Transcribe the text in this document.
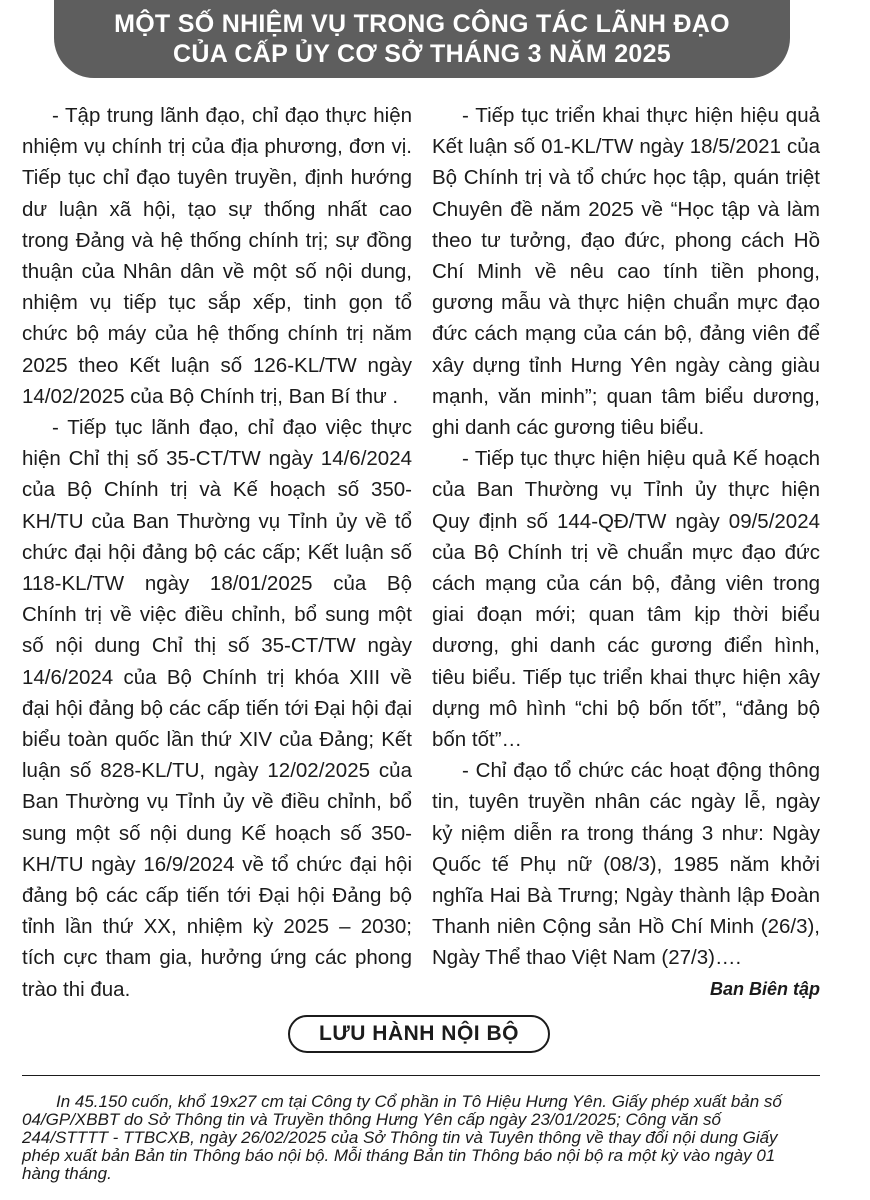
MỘT SỐ NHIỆM VỤ TRONG CÔNG TÁC LÃNH ĐẠO
CỦA CẤP ỦY CƠ SỞ THÁNG 3 NĂM 2025

- Tập trung lãnh đạo, chỉ đạo thực hiện nhiệm vụ chính trị của địa phương, đơn vị. Tiếp tục chỉ đạo tuyên truyền, định hướng dư luận xã hội, tạo sự thống nhất cao trong Đảng và hệ thống chính trị; sự đồng thuận của Nhân dân về một số nội dung, nhiệm vụ tiếp tục sắp xếp, tinh gọn tổ chức bộ máy của hệ thống chính trị năm 2025 theo Kết luận số 126-KL/TW ngày 14/02/2025 của Bộ Chính trị, Ban Bí thư .

- Tiếp tục lãnh đạo, chỉ đạo việc thực hiện Chỉ thị số 35-CT/TW ngày 14/6/2024 của Bộ Chính trị và Kế hoạch số 350-KH/TU của Ban Thường vụ Tỉnh ủy về tổ chức đại hội đảng bộ các cấp; Kết luận số 118-KL/TW ngày 18/01/2025 của Bộ Chính trị về việc điều chỉnh, bổ sung một số nội dung Chỉ thị số 35-CT/TW ngày 14/6/2024 của Bộ Chính trị khóa XIII về đại hội đảng bộ các cấp tiến tới Đại hội đại biểu toàn quốc lần thứ XIV của Đảng; Kết luận số 828-KL/TU, ngày 12/02/2025 của Ban Thường vụ Tỉnh ủy về điều chỉnh, bổ sung một số nội dung Kế hoạch số 350-KH/TU ngày 16/9/2024 về tổ chức đại hội đảng bộ các cấp tiến tới Đại hội Đảng bộ tỉnh lần thứ XX, nhiệm kỳ 2025 – 2030; tích cực tham gia, hưởng ứng các phong trào thi đua.

- Tiếp tục triển khai thực hiện hiệu quả Kết luận số 01-KL/TW ngày 18/5/2021 của Bộ Chính trị và tổ chức học tập, quán triệt Chuyên đề năm 2025 về “Học tập và làm theo tư tưởng, đạo đức, phong cách Hồ Chí Minh về nêu cao tính tiền phong, gương mẫu và thực hiện chuẩn mực đạo đức cách mạng của cán bộ, đảng viên để xây dựng tỉnh Hưng Yên ngày càng giàu mạnh, văn minh”; quan tâm biểu dương, ghi danh các gương tiêu biểu.

- Tiếp tục thực hiện hiệu quả Kế hoạch của Ban Thường vụ Tỉnh ủy thực hiện Quy định số 144-QĐ/TW ngày 09/5/2024 của Bộ Chính trị về chuẩn mực đạo đức cách mạng của cán bộ, đảng viên trong giai đoạn mới; quan tâm kịp thời biểu dương, ghi danh các gương điển hình, tiêu biểu. Tiếp tục triển khai thực hiện xây dựng mô hình “chi bộ bốn tốt”, “đảng bộ bốn tốt”…

- Chỉ đạo tổ chức các hoạt động thông tin, tuyên truyền nhân các ngày lễ, ngày kỷ niệm diễn ra trong tháng 3 như: Ngày Quốc tế Phụ nữ (08/3), 1985 năm khởi nghĩa Hai Bà Trưng; Ngày thành lập Đoàn Thanh niên Cộng sản Hồ Chí Minh (26/3), Ngày Thể thao Việt Nam (27/3)….

Ban Biên tập
LƯU HÀNH NỘI BỘ
In 45.150 cuốn, khổ 19x27 cm tại Công ty Cổ phần in Tô Hiệu Hưng Yên. Giấy phép xuất bản số 04/GP/XBBT do Sở Thông tin và Truyền thông Hưng Yên cấp ngày 23/01/2025; Công văn số 244/STTTT - TTBCXB, ngày 26/02/2025 của Sở Thông tin và Tuyên thông về thay đổi nội dung Giấy phép xuất bản Bản tin Thông báo nội bộ. Mỗi tháng Bản tin Thông báo nội bộ ra một kỳ vào ngày 01 hàng tháng.
